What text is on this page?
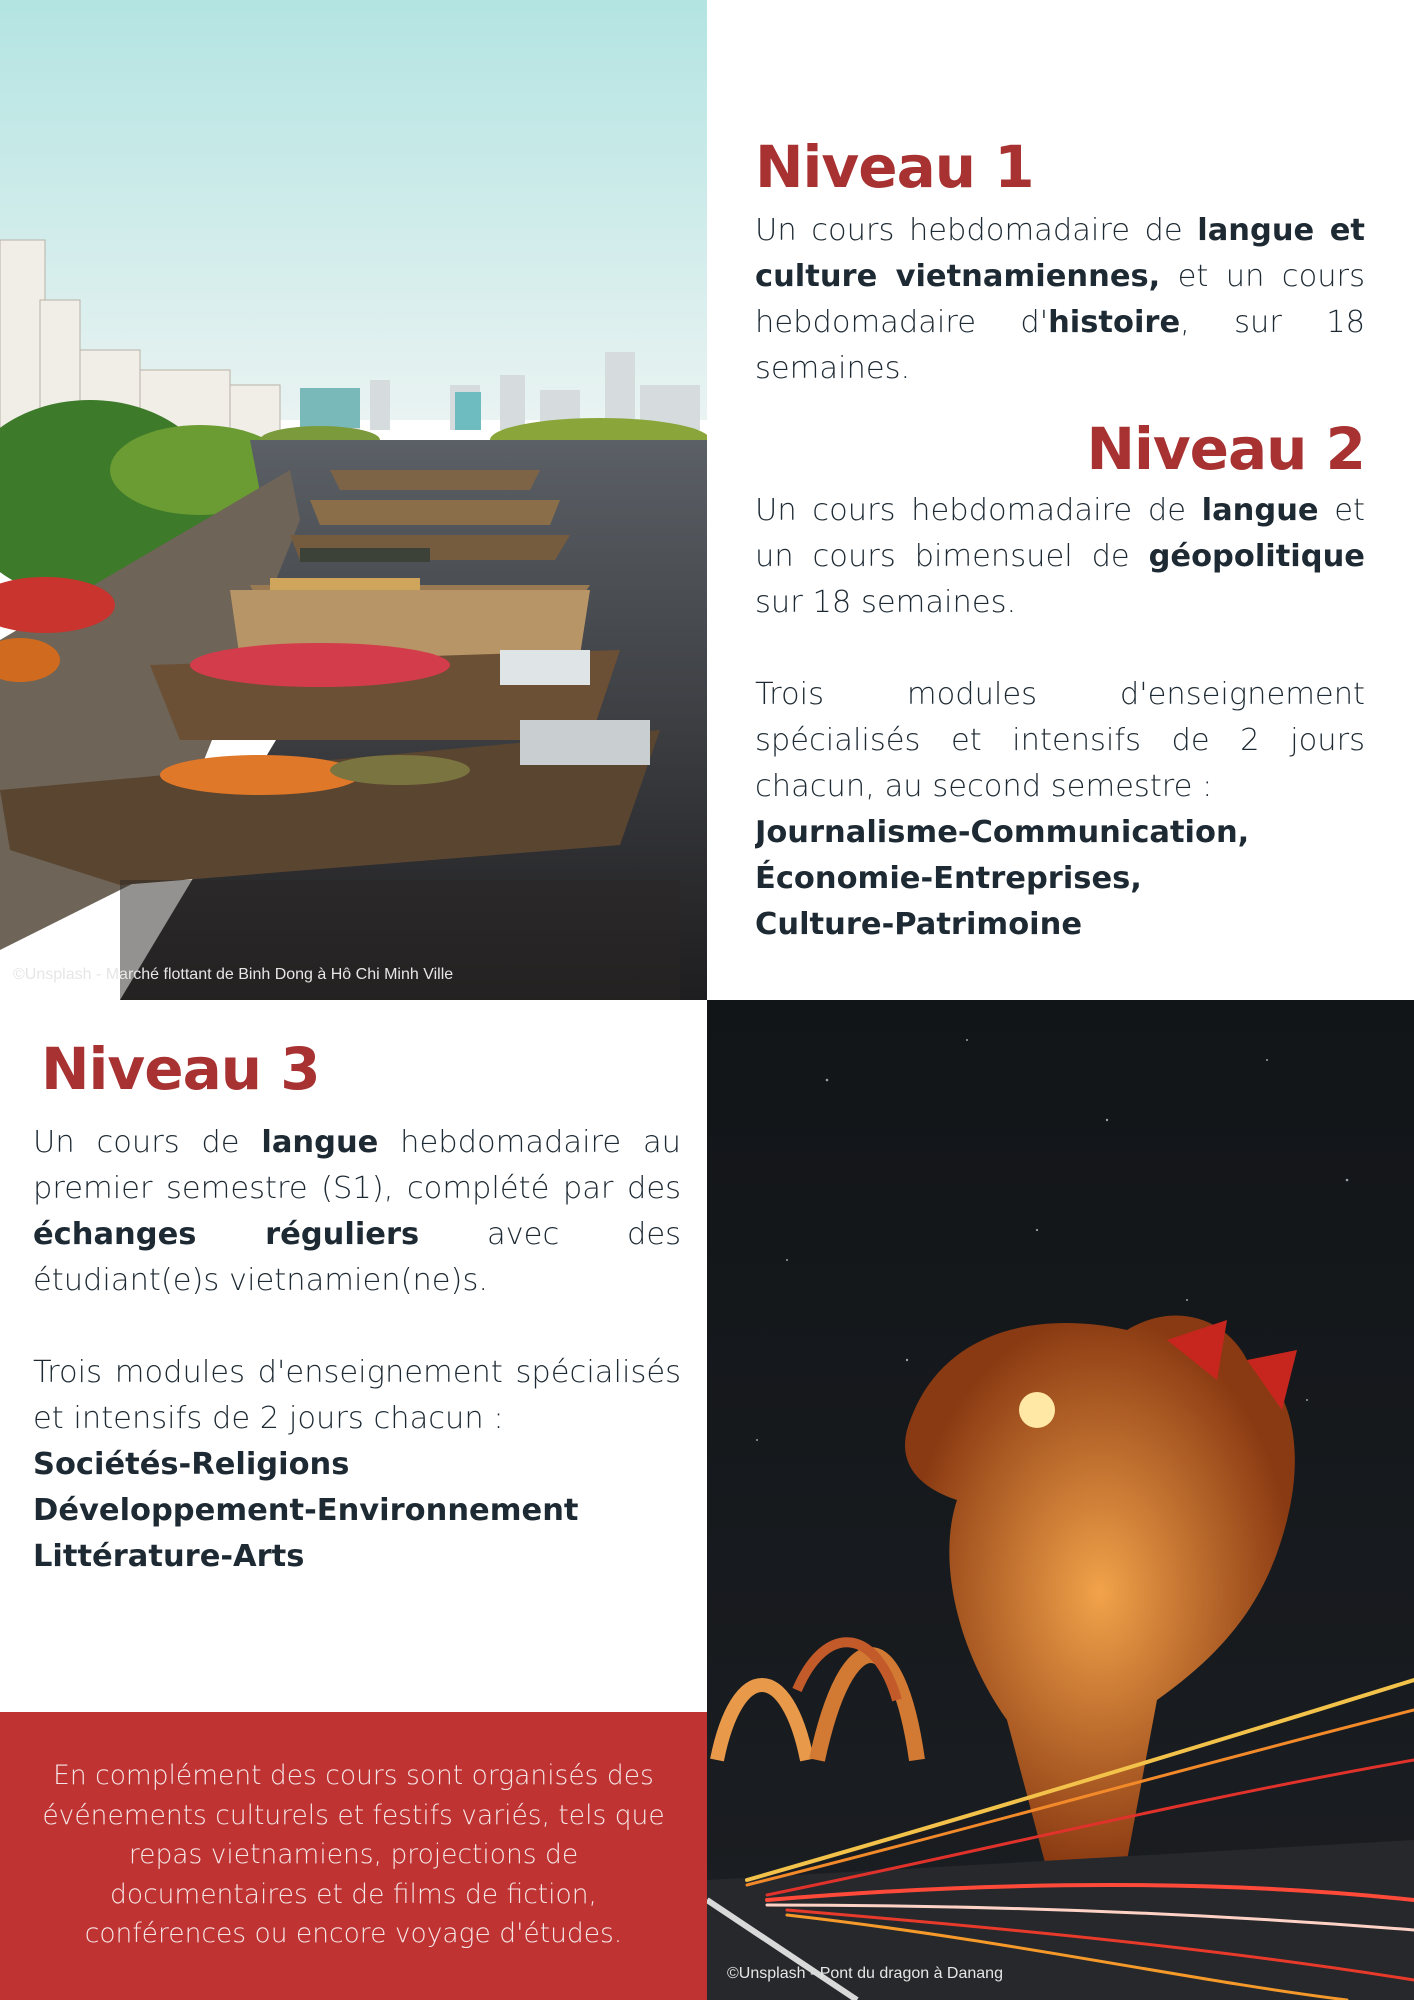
©Unsplash - Marché flottant de Binh Dong à Hô Chi Minh Ville
Niveau 1

Un cours hebdomadaire de langue et culture vietnamiennes, et un cours hebdomadaire d'histoire, sur 18 semaines.

Niveau 2

Un cours hebdomadaire de langue et un cours bimensuel de géopolitique sur 18 semaines.

Trois modules d'enseignement spécialisés et intensifs de 2 jours chacun, au second semestre :

Journalisme-Communication,

Économie-Entreprises,

Culture-Patrimoine

Niveau 3

Un cours de langue hebdomadaire au premier semestre (S1), complété par des échanges réguliers avec des étudiant(e)s vietnamien(ne)s.

Trois modules d'enseignement spécialisés et intensifs de 2 jours chacun :

Sociétés-Religions

Développement-Environnement

Littérature-Arts

En complément des cours sont organisés des événements culturels et festifs variés, tels que repas vietnamiens, projections de documentaires et de films de fiction, conférences ou encore voyage d'études.

©Unsplash - Pont du dragon à Danang
